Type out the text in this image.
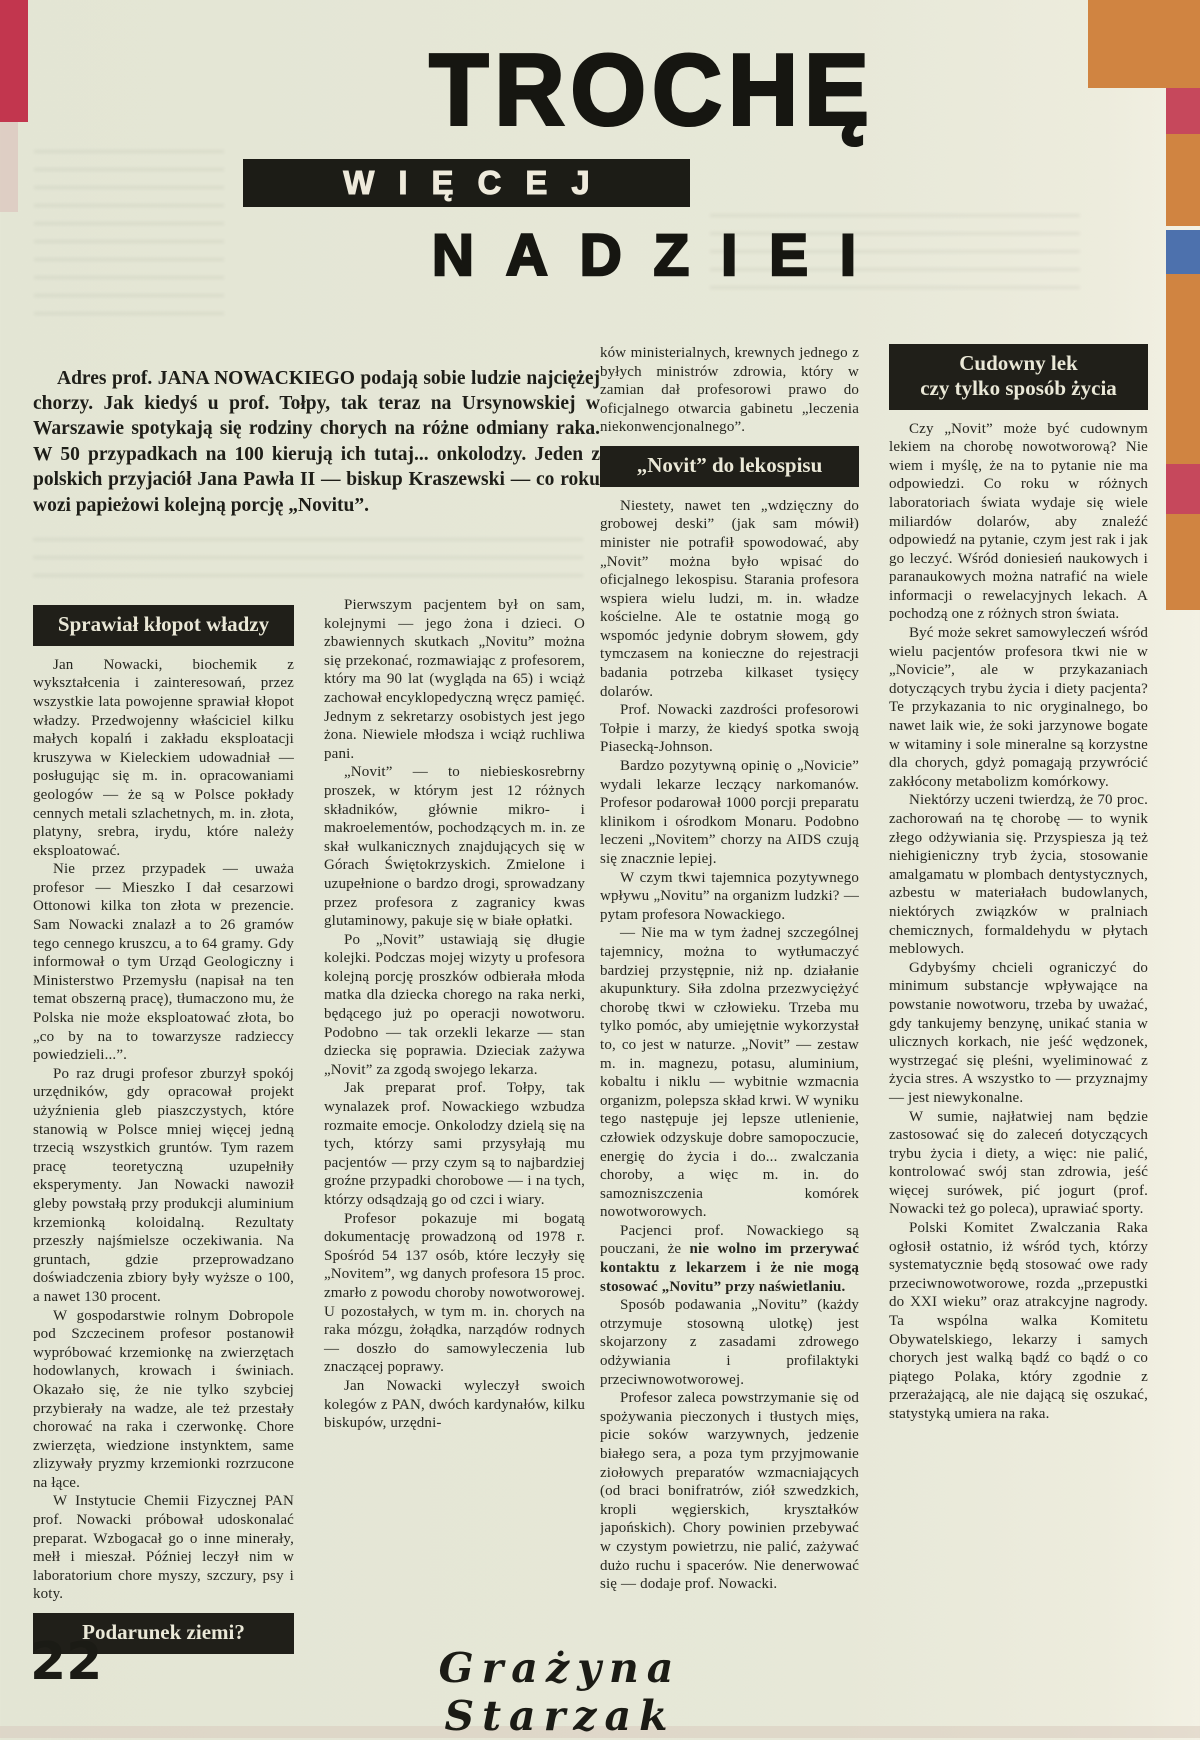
TROCHĘ
WIĘCEJ
NADZIEI

Adres prof. JANA NOWACKIEGO podają sobie ludzie najciężej chorzy. Jak kiedyś u prof. Tołpy, tak teraz na Ursynowskiej w Warszawie spotykają się rodziny chorych na różne odmiany raka. W 50 przypadkach na 100 kierują ich tutaj... onkolodzy. Jeden z polskich przyjaciół Jana Pawła II — biskup Kraszewski — co roku wozi papieżowi kolejną porcję „Novitu”.

Sprawiał kłopot władzy

Jan Nowacki, biochemik z wykształcenia i zainteresowań, przez wszystkie lata powojenne sprawiał kłopot władzy. Przedwojenny właściciel kilku małych kopalń i zakładu eksploatacji kruszywa w Kieleckiem udowadniał — posługując się m. in. opracowaniami geologów — że są w Polsce pokłady cennych metali szlachetnych, m. in. złota, platyny, srebra, irydu, które należy eksploatować.

Nie przez przypadek — uważa profesor — Mieszko I dał cesarzowi Ottonowi kilka ton złota w prezencie. Sam Nowacki znalazł a to 26 gramów tego cennego kruszcu, a to 64 gramy. Gdy informował o tym Urząd Geologiczny i Ministerstwo Przemysłu (napisał na ten temat obszerną pracę), tłumaczono mu, że Polska nie może eksploatować złota, bo „co by na to towarzysze radzieccy powiedzieli...”.

Po raz drugi profesor zburzył spokój urzędników, gdy opracował projekt użyźnienia gleb piaszczystych, które stanowią w Polsce mniej więcej jedną trzecią wszystkich gruntów. Tym razem pracę teoretyczną uzupełniły eksperymenty. Jan Nowacki nawoził gleby powstałą przy produkcji aluminium krzemionką koloidalną. Rezultaty przeszły najśmielsze oczekiwania. Na gruntach, gdzie przeprowadzano doświadczenia zbiory były wyższe o 100, a nawet 130 procent.

W gospodarstwie rolnym Dobropole pod Szczecinem profesor postanowił wypróbować krzemionkę na zwierzętach hodowlanych, krowach i świniach. Okazało się, że nie tylko szybciej przybierały na wadze, ale też przestały chorować na raka i czerwonkę. Chore zwierzęta, wiedzione instynktem, same zlizywały pryzmy krzemionki rozrzucone na łące.

W Instytucie Chemii Fizycznej PAN prof. Nowacki próbował udoskonalać preparat. Wzbogacał go o inne minerały, mełł i mieszał. Później leczył nim w laboratorium chore myszy, szczury, psy i koty.

Podarunek ziemi?

Pierwszym pacjentem był on sam, kolejnymi — jego żona i dzieci. O zbawiennych skutkach „Novitu” można się przekonać, rozmawiając z profesorem, który ma 90 lat (wygląda na 65) i wciąż zachował encyklopedyczną wręcz pamięć. Jednym z sekretarzy osobistych jest jego żona. Niewiele młodsza i wciąż ruchliwa pani.

„Novit” — to niebieskosrebrny proszek, w którym jest 12 różnych składników, głównie mikro- i makroelementów, pochodzących m. in. ze skał wulkanicznych znajdujących się w Górach Świętokrzyskich. Zmielone i uzupełnione o bardzo drogi, sprowadzany przez profesora z zagranicy kwas glutaminowy, pakuje się w białe opłatki.

Po „Novit” ustawiają się długie kolejki. Podczas mojej wizyty u profesora kolejną porcję proszków odbierała młoda matka dla dziecka chorego na raka nerki, będącego już po operacji nowotworu. Podobno — tak orzekli lekarze — stan dziecka się poprawia. Dzieciak zażywa „Novit” za zgodą swojego lekarza.

Jak preparat prof. Tołpy, tak wynalazek prof. Nowackiego wzbudza rozmaite emocje. Onkolodzy dzielą się na tych, którzy sami przysyłają mu pacjentów — przy czym są to najbardziej groźne przypadki chorobowe — i na tych, którzy odsądzają go od czci i wiary.

Profesor pokazuje mi bogatą dokumentację prowadzoną od 1978 r. Spośród 54 137 osób, które leczyły się „Novitem”, wg danych profesora 15 proc. zmarło z powodu choroby nowotworowej. U pozostałych, w tym m. in. chorych na raka mózgu, żołądka, narządów rodnych — doszło do samowyleczenia lub znaczącej poprawy.

Jan Nowacki wyleczył swoich kolegów z PAN, dwóch kardynałów, kilku biskupów, urzędni-

ków ministerialnych, krewnych jednego z byłych ministrów zdrowia, który w zamian dał profesorowi prawo do oficjalnego otwarcia gabinetu „leczenia niekonwencjonalnego”.

„Novit” do lekospisu

Niestety, nawet ten „wdzięczny do grobowej deski” (jak sam mówił) minister nie potrafił spowodować, aby „Novit” można było wpisać do oficjalnego lekospisu. Starania profesora wspiera wielu ludzi, m. in. władze kościelne. Ale te ostatnie mogą go wspomóc jedynie dobrym słowem, gdy tymczasem na konieczne do rejestracji badania potrzeba kilkaset tysięcy dolarów.

Prof. Nowacki zazdrości profesorowi Tołpie i marzy, że kiedyś spotka swoją Piasecką-Johnson.

Bardzo pozytywną opinię o „Novicie” wydali lekarze leczący narkomanów. Profesor podarował 1000 porcji preparatu klinikom i ośrodkom Monaru. Podobno leczeni „Novitem” chorzy na AIDS czują się znacznie lepiej.

W czym tkwi tajemnica pozytywnego wpływu „Novitu” na organizm ludzki? — pytam profesora Nowackiego.

— Nie ma w tym żadnej szczególnej tajemnicy, można to wytłumaczyć bardziej przystępnie, niż np. działanie akupunktury. Siła zdolna przezwyciężyć chorobę tkwi w człowieku. Trzeba mu tylko pomóc, aby umiejętnie wykorzystał to, co jest w naturze. „Novit” — zestaw m. in. magnezu, potasu, aluminium, kobaltu i niklu — wybitnie wzmacnia organizm, polepsza skład krwi. W wyniku tego następuje jej lepsze utlenienie, człowiek odzyskuje dobre samopoczucie, energię do życia i do... zwalczania choroby, a więc m. in. do samozniszczenia komórek nowotworowych.

Pacjenci prof. Nowackiego są pouczani, że nie wolno im przerywać kontaktu z lekarzem i że nie mogą stosować „Novitu” przy naświetlaniu.

Sposób podawania „Novitu” (każdy otrzymuje stosowną ulotkę) jest skojarzony z zasadami zdrowego odżywiania i profilaktyki przeciwnowotworowej.

Profesor zaleca powstrzymanie się od spożywania pieczonych i tłustych mięs, picie soków warzywnych, jedzenie białego sera, a poza tym przyjmowanie ziołowych preparatów wzmacniających (od braci bonifratrów, ziół szwedzkich, kropli węgierskich, kryształków japońskich). Chory powinien przebywać w czystym powietrzu, nie palić, zażywać dużo ruchu i spacerów. Nie denerwować się — dodaje prof. Nowacki.

Cudowny lek
czy tylko sposób życia

Czy „Novit” może być cudownym lekiem na chorobę nowotworową? Nie wiem i myślę, że na to pytanie nie ma odpowiedzi. Co roku w różnych laboratoriach świata wydaje się wiele miliardów dolarów, aby znaleźć odpowiedź na pytanie, czym jest rak i jak go leczyć. Wśród doniesień naukowych i paranaukowych można natrafić na wiele informacji o rewelacyjnych lekach. A pochodzą one z różnych stron świata.

Być może sekret samowyleczeń wśród wielu pacjentów profesora tkwi nie w „Novicie”, ale w przykazaniach dotyczących trybu życia i diety pacjenta? Te przykazania to nic oryginalnego, bo nawet laik wie, że soki jarzynowe bogate w witaminy i sole mineralne są korzystne dla chorych, gdyż pomagają przywrócić zakłócony metabolizm komórkowy.

Niektórzy uczeni twierdzą, że 70 proc. zachorowań na tę chorobę — to wynik złego odżywiania się. Przyspiesza ją też niehigieniczny tryb życia, stosowanie amalgamatu w plombach dentystycznych, azbestu w materiałach budowlanych, niektórych związków w pralniach chemicznych, formaldehydu w płytach meblowych.

Gdybyśmy chcieli ograniczyć do minimum substancje wpływające na powstanie nowotworu, trzeba by uważać, gdy tankujemy benzynę, unikać stania w ulicznych korkach, nie jeść wędzonek, wystrzegać się pleśni, wyeliminować z życia stres. A wszystko to — przyznajmy — jest niewykonalne.

W sumie, najłatwiej nam będzie zastosować się do zaleceń dotyczących trybu życia i diety, a więc: nie palić, kontrolować swój stan zdrowia, jeść więcej surówek, pić jogurt (prof. Nowacki też go poleca), uprawiać sporty.

Polski Komitet Zwalczania Raka ogłosił ostatnio, iż wśród tych, którzy systematycznie będą stosować owe rady przeciwnowotworowe, rozda „przepustki do XXI wieku” oraz atrakcyjne nagrody. Ta wspólna walka Komitetu Obywatelskiego, lekarzy i samych chorych jest walką bądź co bądź o co piątego Polaka, który zgodnie z przerażającą, ale nie dającą się oszukać, statystyką umiera na raka.

22	Grażyna Starzak
